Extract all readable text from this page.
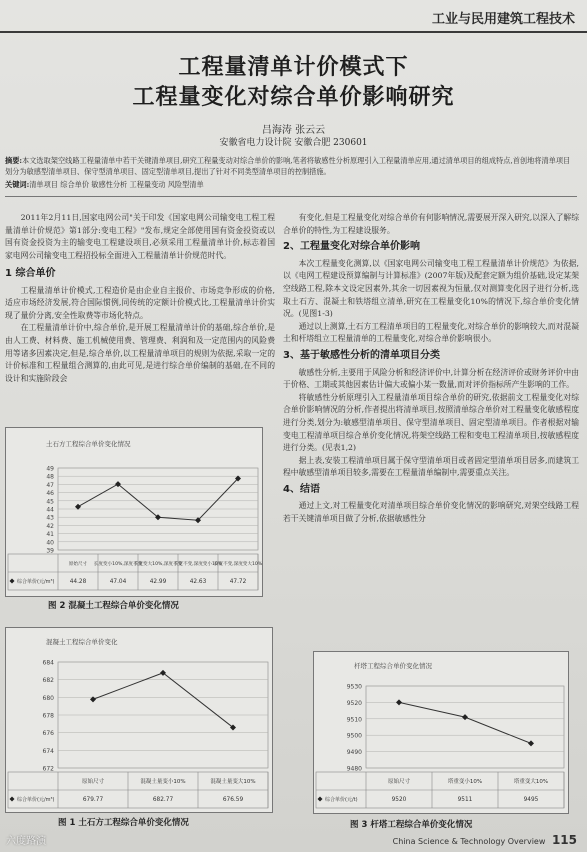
工业与民用建筑工程技术
工程量清单计价模式下
工程量变化对综合单价影响研究
吕海涛 张云云
安徽省电力设计院 安徽合肥 230601
摘要:本文选取架空线路工程量清单中若干关键清单项目,研究工程量变动对综合单价的影响,笔者将敏感性分析原理引入工程量清单应用,通过清单项目的组成特点,首创地将清单项目划分为敏感型清单项目、保守型清单项目、固定型清单项目,提出了针对不同类型清单项目的控制措施。
关键词:清单项目 综合单价 敏感性分析 工程量变动 风险型清单

2011年2月11日,国家电网公司"关于印发《国家电网公司输变电工程工程量清单计价规范》第1部分:变电工程》"发布,规定全部使用国有资金投资或以国有资金投资为主的输变电工程建设项目,必须采用工程量清单计价,标志着国家电网公司输变电工程招投标全面进入工程量清单计价规范时代。

1 综合单价

工程量清单计价模式,工程造价是由企业自主报价、市场竞争形成的价格,适应市场经济发展,符合国际惯例,同传统的定额计价模式比,工程量清单计价实现了量价分离,安全性取费等市场化特点。

在工程量清单计价中,综合单价,是开展工程量清单计价的基础,综合单价,是由人工费、材料费、施工机械使用费、管理费、利润和及一定范围内的风险费用等诸多因素决定,但是,综合单价,以工程量清单项目的规则为依据,采取一定的计价标准和工程量组合测算的,由此可见,是进行综合单价编制的基础,在不同的设计和实施阶段会

有变化,但是工程量变化对综合单价有何影响情况,需要展开深入研究,以深入了解综合单价的特性,为工程建设服务。

2、工程量变化对综合单价影响

本次工程量变化测算,以《国家电网公司输变电工程工程量清单计价规范》为依据,以《电网工程建设预算编制与计算标准》(2007年版)及配套定额为组价基础,设定某架空线路工程,除本文设定因素外,其余一切因素视为恒量,仅对测算变化因子进行分析,选取土石方、混凝土和铁塔组立清单,研究在工程量变化10%的情况下,综合单价变化情况。(见图1-3)

通过以上测算,土石方工程清单项目的工程量变化,对综合单价的影响较大,而对混凝土和杆塔组立工程量清单的工程量变化,对综合单价影响很小。

3、基于敏感性分析的清单项目分类

敏感性分析,主要用于风险分析和经济评价中,计算分析在经济评价或财务评价中由于价格、工期或其他因素估计偏大或偏小某一数量,而对评价指标所产生影响的工作。

将敏感性分析原理引入工程量清单项目综合单价的研究,依据前文工程量变化对综合单价影响情况的分析,作者提出将清单项目,按照清单综合单价对工程量变化敏感程度进行分类,划分为:敏感型清单项目、保守型清单项目、固定型清单项目。作者根据对输变电工程清单项目综合单价变化情况,将架空线路工程和变电工程清单项目,按敏感程度进行分类。(见表1,2)

据上表,安装工程清单项目属于保守型清单项目或者固定型清单项目居多,而建筑工程中敏感型清单项目较多,需要在工程量清单编制中,需要重点关注。

4、结语

通过上文,对工程量变化对清单项目综合单价变化情况的影响研究,对架空线路工程若干关键清单项目做了分析,依据敏感性分

土石方工程综合单价变化情况
39
40
41
42
43
44
45
46
47
48
49
原始尺寸
44.28
长度变小10%,深度不变
47.04
长度变大10%,深度不变
42.99
长宽不变,深度变小10%
42.63
长宽不变,深度变大10%
47.72
综合单价(元/m³)
图 2 混凝土工程综合单价变化情况
混凝土工程综合单价变化
672
674
676
678
680
682
684
原始尺寸
679.77
混凝土量变小10%
682.77
混凝土量变大10%
676.59
综合单价(元/m³)
图 1 土石方工程综合单价变化情况
杆塔工程综合单价变化情况
9480
9490
9500
9510
9520
9530
原始尺寸
9520
塔重变小10%
9511
塔重变大10%
9495
综合单价(元/t)
图 3 杆塔工程综合单价变化情况
China Science & Technology Overview 115
六度路演
